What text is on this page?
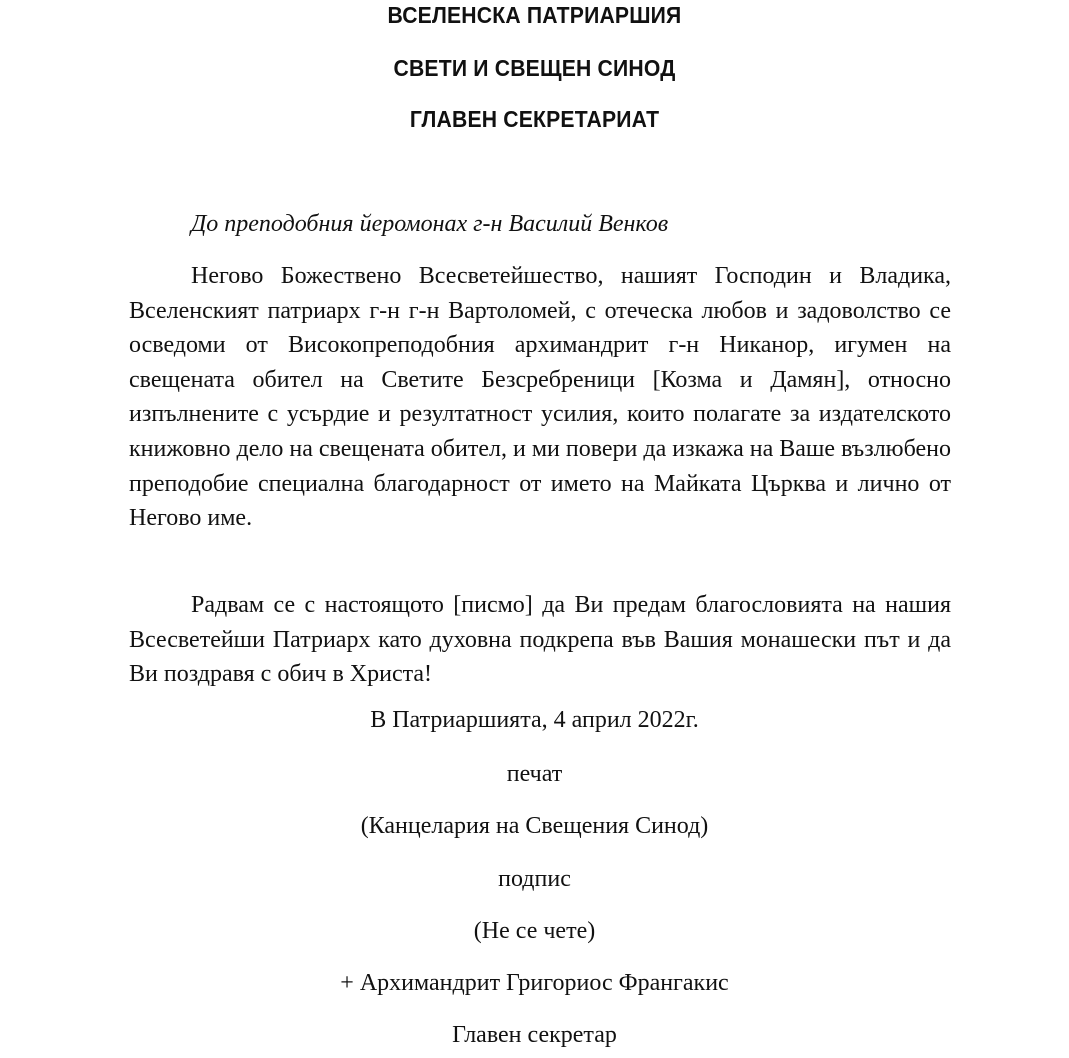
ВСЕЛЕНСКА ПАТРИАРШИЯ
СВЕТИ И СВЕЩЕН СИНОД
ГЛАВЕН СЕКРЕТАРИАТ
До преподобния йеромонах г-н Василий Венков

Негово Божествено Всесветейшество, нашият Господин и Владика, Вселенският патриарх г-н г-н Вартоломей, с отеческа любов и задоволство се осведоми от Високопреподобния архимандрит г-н Никанор, игумен на свещената обител на Светите Безсребреници [Козма и Дамян], относно изпълнените с усърдие и резултатност усилия, които полагате за издателското книжовно дело на свещената обител, и ми повери да изкажа на Ваше възлюбено преподобие специална благодарност от името на Майката Църква и лично от Негово име.

Радвам се с настоящото [писмо] да Ви предам благословията на нашия Всесветейши Патриарх като духовна подкрепа във Вашия монашески път и да Ви поздравя с обич в Христа!

В Патриаршията, 4 април 2022г.
печат
(Канцелария на Свещения Синод)
подпис
(Не се чете)
+ Архимандрит Григориос Франгакис
Главен секретар
